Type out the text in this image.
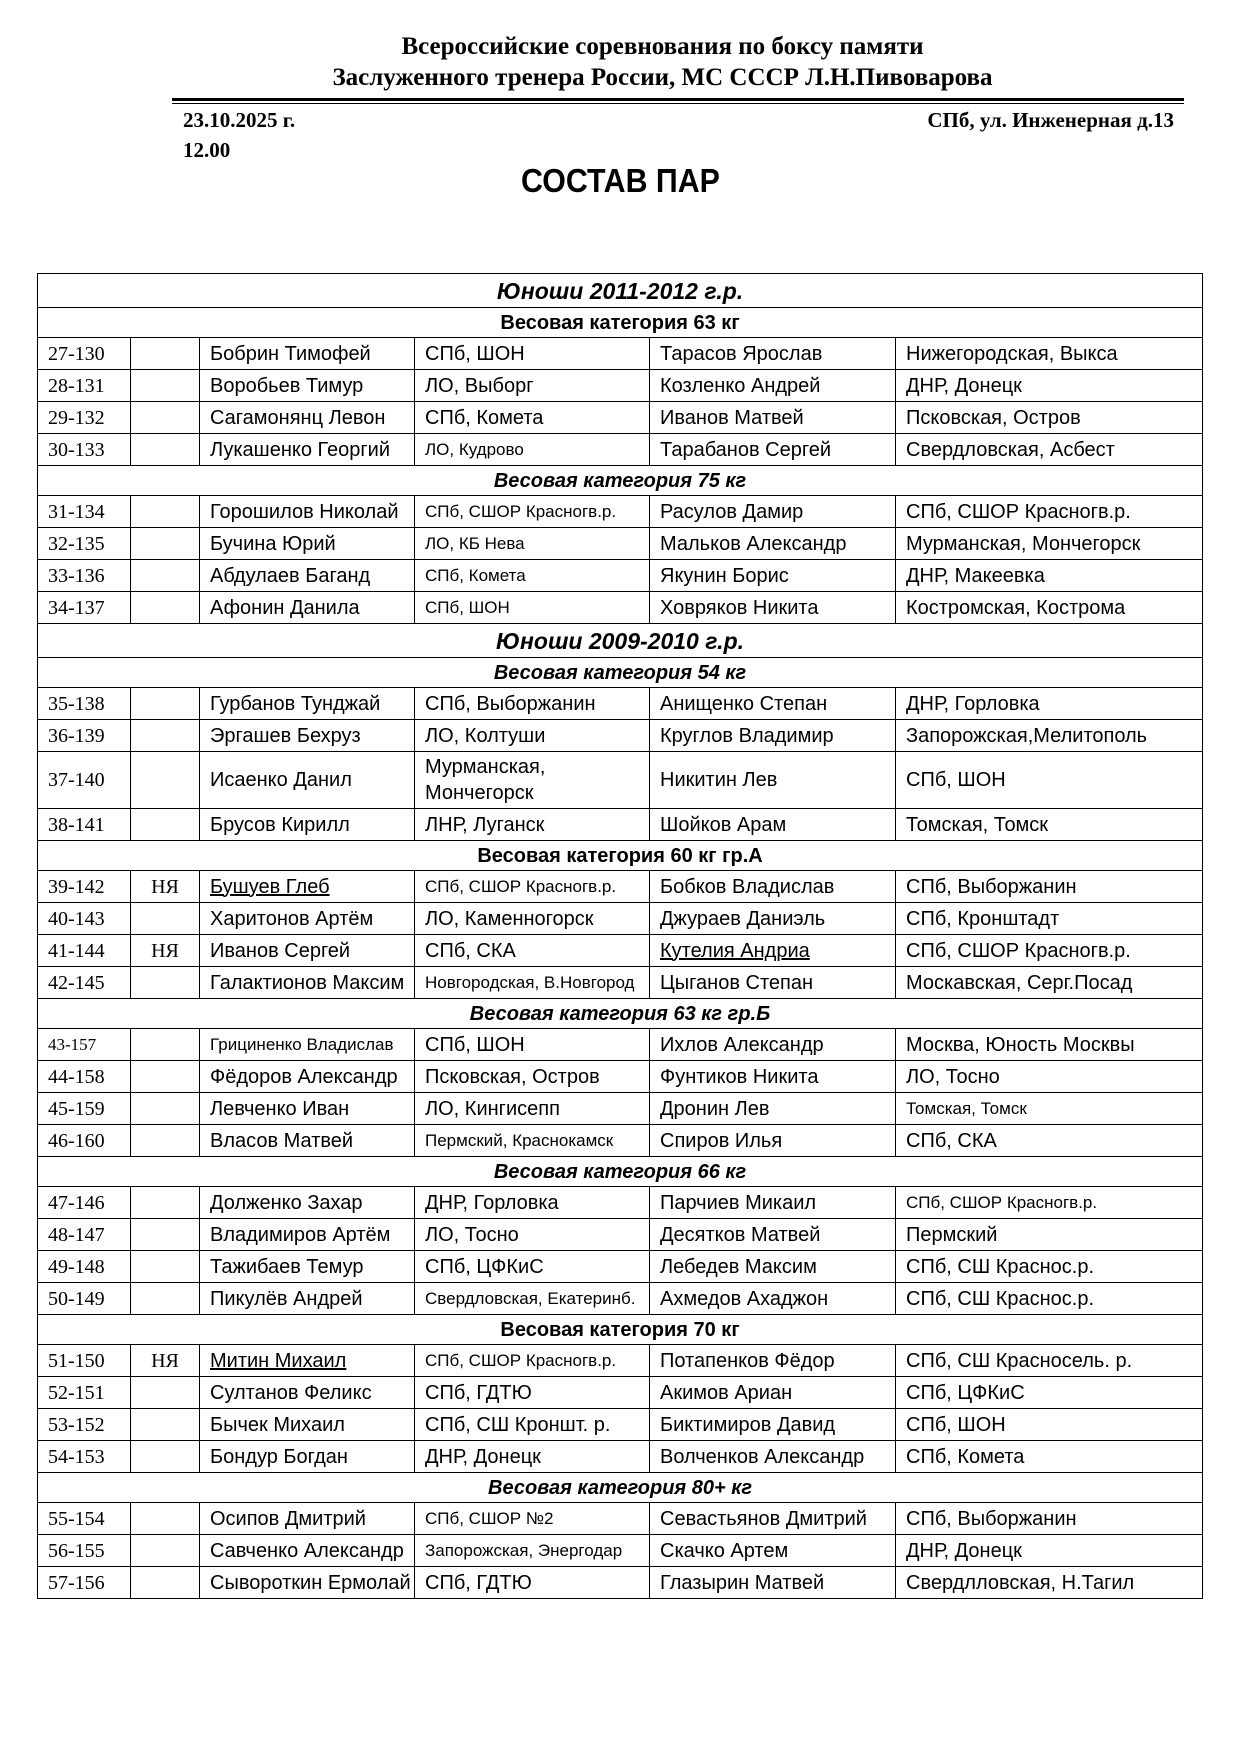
Всероссийские соревнования по боксу памяти
Заслуженного тренера России, МС СССР Л.Н.Пивоварова
23.10.2025 г.
12.00
СПб, ул. Инженерная д.13
СОСТАВ ПАР
Юноши 2011-2012 г.р.					
Весовая категория 63 кг					
27-130		Бобрин Тимофей	СПб, ШОН	Тарасов Ярослав	Нижегородская, Выкса
28-131		Воробьев Тимур	ЛО, Выборг	Козленко Андрей	ДНР, Донецк
29-132		Сагамонянц Левон	СПб, Комета	Иванов Матвей	Псковская, Остров
30-133		Лукашенко Георгий	ЛО, Кудрово	Тарабанов Сергей	Свердловская, Асбест
Весовая категория 75 кг					
31-134		Горошилов Николай	СПб, СШОР Красногв.р.	Расулов Дамир	СПб, СШОР Красногв.р.
32-135		Бучина Юрий	ЛО, КБ Нева	Мальков Александр	Мурманская, Мончегорск
33-136		Абдулаев Баганд	СПб, Комета	Якунин Борис	ДНР, Макеевка
34-137		Афонин Данила	СПб, ШОН	Ховряков Никита	Костромская, Кострома
Юноши 2009-2010 г.р.					
Весовая категория 54 кг					
35-138		Гурбанов Тунджай	СПб, Выборжанин	Анищенко Степан	ДНР, Горловка
36-139		Эргашев Бехруз	ЛО, Колтуши	Круглов Владимир	Запорожская,Мелитополь
37-140		Исаенко Данил	Мурманская, Мончегорск	Никитин Лев	СПб, ШОН
38-141		Брусов Кирилл	ЛНР, Луганск	Шойков Арам	Томская, Томск
Весовая категория 60 кг гр.А					
39-142	НЯ	Бушуев Глеб	СПб, СШОР Красногв.р.	Бобков Владислав	СПб, Выборжанин
40-143		Харитонов Артём	ЛО, Каменногорск	Джураев Даниэль	СПб, Кронштадт
41-144	НЯ	Иванов Сергей	СПб, СКА	Кутелия Андриа	СПб, СШОР Красногв.р.
42-145		Галактионов Максим	Новгородская, В.Новгород	Цыганов Степан	Москавская, Серг.Посад
Весовая категория 63 кг гр.Б					
43-157		Грициненко Владислав	СПб, ШОН	Ихлов Александр	Москва, Юность Москвы
44-158		Фёдоров Александр	Псковская, Остров	Фунтиков Никита	ЛО, Тосно
45-159		Левченко Иван	ЛО, Кингисепп	Дронин Лев	Томская, Томск
46-160		Власов Матвей	Пермский, Краснокамск	Спиров Илья	СПб, СКА
Весовая категория 66 кг					
47-146		Долженко Захар	ДНР, Горловка	Парчиев Микаил	СПб, СШОР Красногв.р.
48-147		Владимиров Артём	ЛО, Тосно	Десятков Матвей	Пермский
49-148		Тажибаев Темур	СПб, ЦФКиС	Лебедев Максим	СПб, СШ Краснос.р.
50-149		Пикулёв Андрей	Свердловская, Екатеринб.	Ахмедов Ахаджон	СПб, СШ Краснос.р.
Весовая категория 70 кг					
51-150	НЯ	Митин Михаил	СПб, СШОР Красногв.р.	Потапенков Фёдор	СПб, СШ Красносель. р.
52-151		Султанов Феликс	СПб, ГДТЮ	Акимов Ариан	СПб, ЦФКиС
53-152		Бычек Михаил	СПб, СШ Кроншт. р.	Биктимиров Давид	СПб, ШОН
54-153		Бондур Богдан	ДНР, Донецк	Волченков Александр	СПб, Комета
Весовая категория 80+ кг					
55-154		Осипов Дмитрий	СПб, СШОР №2	Севастьянов Дмитрий	СПб, Выборжанин
56-155		Савченко Александр	Запорожская, Энергодар	Скачко Артем	ДНР, Донецк
57-156		Сывороткин Ермолай	СПб, ГДТЮ	Глазырин Матвей	Свердлловская, Н.Тагил
